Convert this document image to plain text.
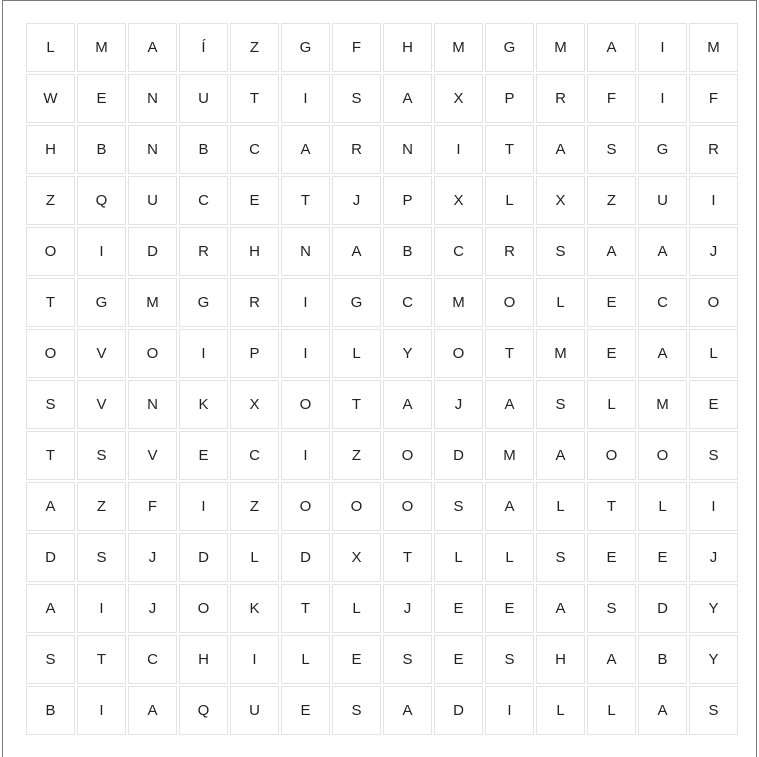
L	M	A	Í	Z	G	F	H	M	G	M	A	I	M
W	E	N	U	T	I	S	A	X	P	R	F	I	F
H	B	N	B	C	A	R	N	I	T	A	S	G	R
Z	Q	U	C	E	T	J	P	X	L	X	Z	U	I
O	I	D	R	H	N	A	B	C	R	S	A	A	J
T	G	M	G	R	I	G	C	M	O	L	E	C	O
O	V	O	I	P	I	L	Y	O	T	M	E	A	L
S	V	N	K	X	O	T	A	J	A	S	L	M	E
T	S	V	E	C	I	Z	O	D	M	A	O	O	S
A	Z	F	I	Z	O	O	O	S	A	L	T	L	I
D	S	J	D	L	D	X	T	L	L	S	E	E	J
A	I	J	O	K	T	L	J	E	E	A	S	D	Y
S	T	C	H	I	L	E	S	E	S	H	A	B	Y
B	I	A	Q	U	E	S	A	D	I	L	L	A	S
